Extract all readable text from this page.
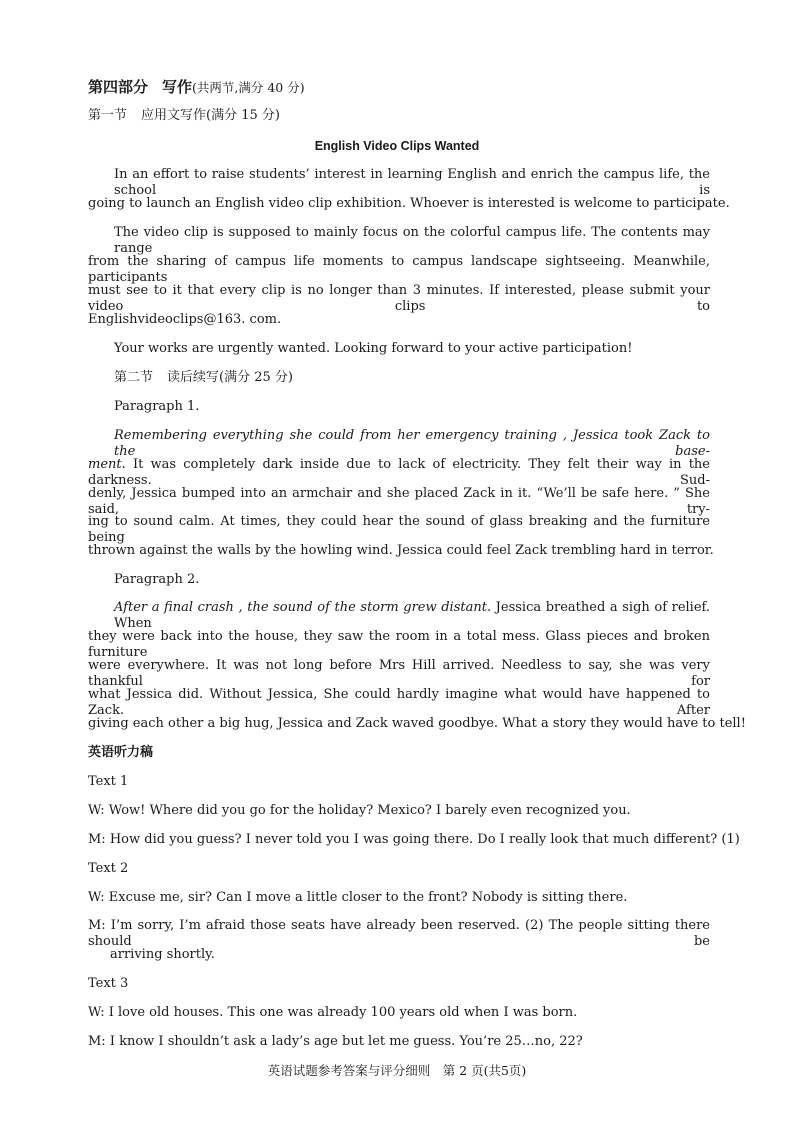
第四部分 写作(共两节,满分 40 分)
第一节 应用文写作(满分 15 分)
English Video Clips Wanted
In an effort to raise students’ interest in learning English and enrich the campus life, the school is
going to launch an English video clip exhibition. Whoever is interested is welcome to participate.
The video clip is supposed to mainly focus on the colorful campus life. The contents may range
from the sharing of campus life moments to campus landscape sightseeing. Meanwhile, participants
must see to it that every clip is no longer than 3 minutes. If interested, please submit your video clips to
Englishvideoclips@163. com.
Your works are urgently wanted. Looking forward to your active participation!
第二节 读后续写(满分 25 分)
Paragraph 1.
Remembering everything she could from her emergency training , Jessica took Zack to the base-
ment. It was completely dark inside due to lack of electricity. They felt their way in the darkness. Sud-
denly, Jessica bumped into an armchair and she placed Zack in it. “We’ll be safe here. ” She said, try-
ing to sound calm. At times, they could hear the sound of glass breaking and the furniture being
thrown against the walls by the howling wind. Jessica could feel Zack trembling hard in terror.
Paragraph 2.
After a final crash , the sound of the storm grew distant. Jessica breathed a sigh of relief. When
they were back into the house, they saw the room in a total mess. Glass pieces and broken furniture
were everywhere. It was not long before Mrs Hill arrived. Needless to say, she was very thankful for
what Jessica did. Without Jessica, She could hardly imagine what would have happened to Zack. After
giving each other a big hug, Jessica and Zack waved goodbye. What a story they would have to tell!
英语听力稿
Text 1
W: Wow! Where did you go for the holiday? Mexico? I barely even recognized you.
M: How did you guess? I never told you I was going there. Do I really look that much different? (1)
Text 2
W: Excuse me, sir? Can I move a little closer to the front? Nobody is sitting there.
M: I’m sorry, I’m afraid those seats have already been reserved. (2) The people sitting there should be
arriving shortly.
Text 3
W: I love old houses. This one was already 100 years old when I was born.
M: I know I shouldn’t ask a lady’s age but let me guess. You’re 25…no, 22?
英语试题参考答案与评分细则　第 2 页(共5页)
